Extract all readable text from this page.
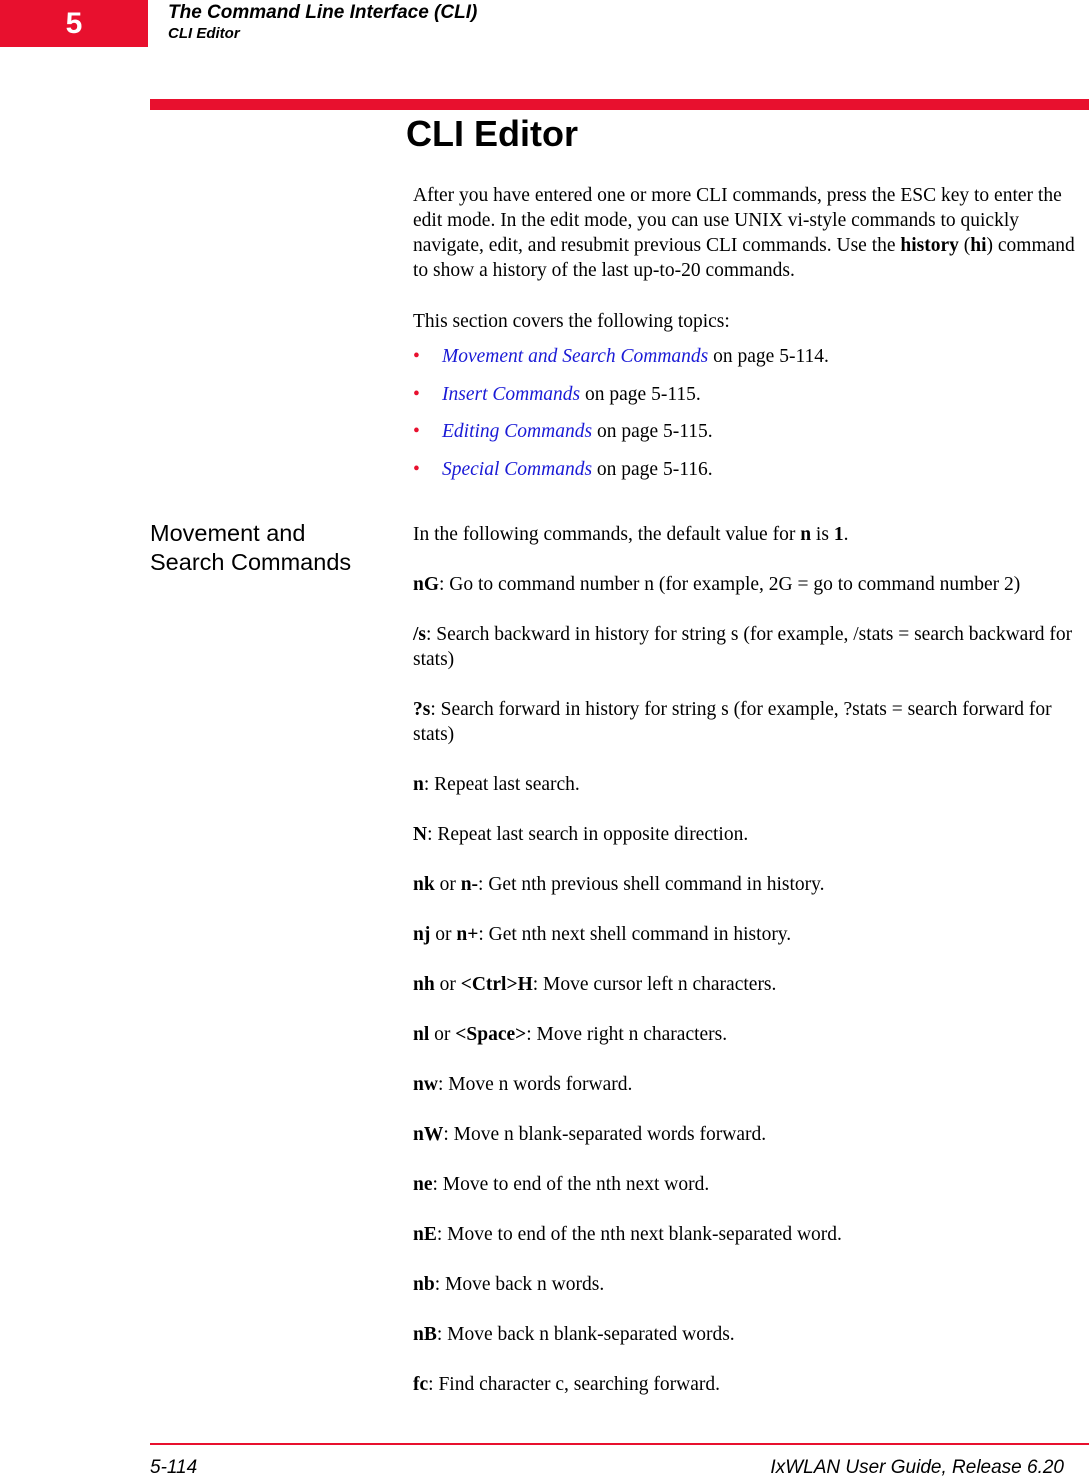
5	The Command Line Interface (CLI)
CLI Editor
CLI Editor

After you have entered one or more CLI commands, press the ESC key to enter the edit mode. In the edit mode, you can use UNIX vi-style commands to quickly navigate, edit, and resubmit previous CLI commands. Use the history (hi) command to show a history of the last up-to-20 commands.

This section covers the following topics:

• Movement and Search Commands on page 5-114.
• Insert Commands on page 5-115.
• Editing Commands on page 5-115.
• Special Commands on page 5-116.
Movement and
Search Commands

In the following commands, the default value for n is 1.

nG: Go to command number n (for example, 2G = go to command number 2)

/s: Search backward in history for string s (for example, /stats = search backward for stats)

?s: Search forward in history for string s (for example, ?stats = search forward for stats)

n: Repeat last search.

N: Repeat last search in opposite direction.

nk or n-: Get nth previous shell command in history.

nj or n+: Get nth next shell command in history.

nh or <Ctrl>H: Move cursor left n characters.

nl or <Space>: Move right n characters.

nw: Move n words forward.

nW: Move n blank-separated words forward.

ne: Move to end of the nth next word.

nE: Move to end of the nth next blank-separated word.

nb: Move back n words.

nB: Move back n blank-separated words.

fc: Find character c, searching forward.

5-114	IxWLAN User Guide, Release 6.20
